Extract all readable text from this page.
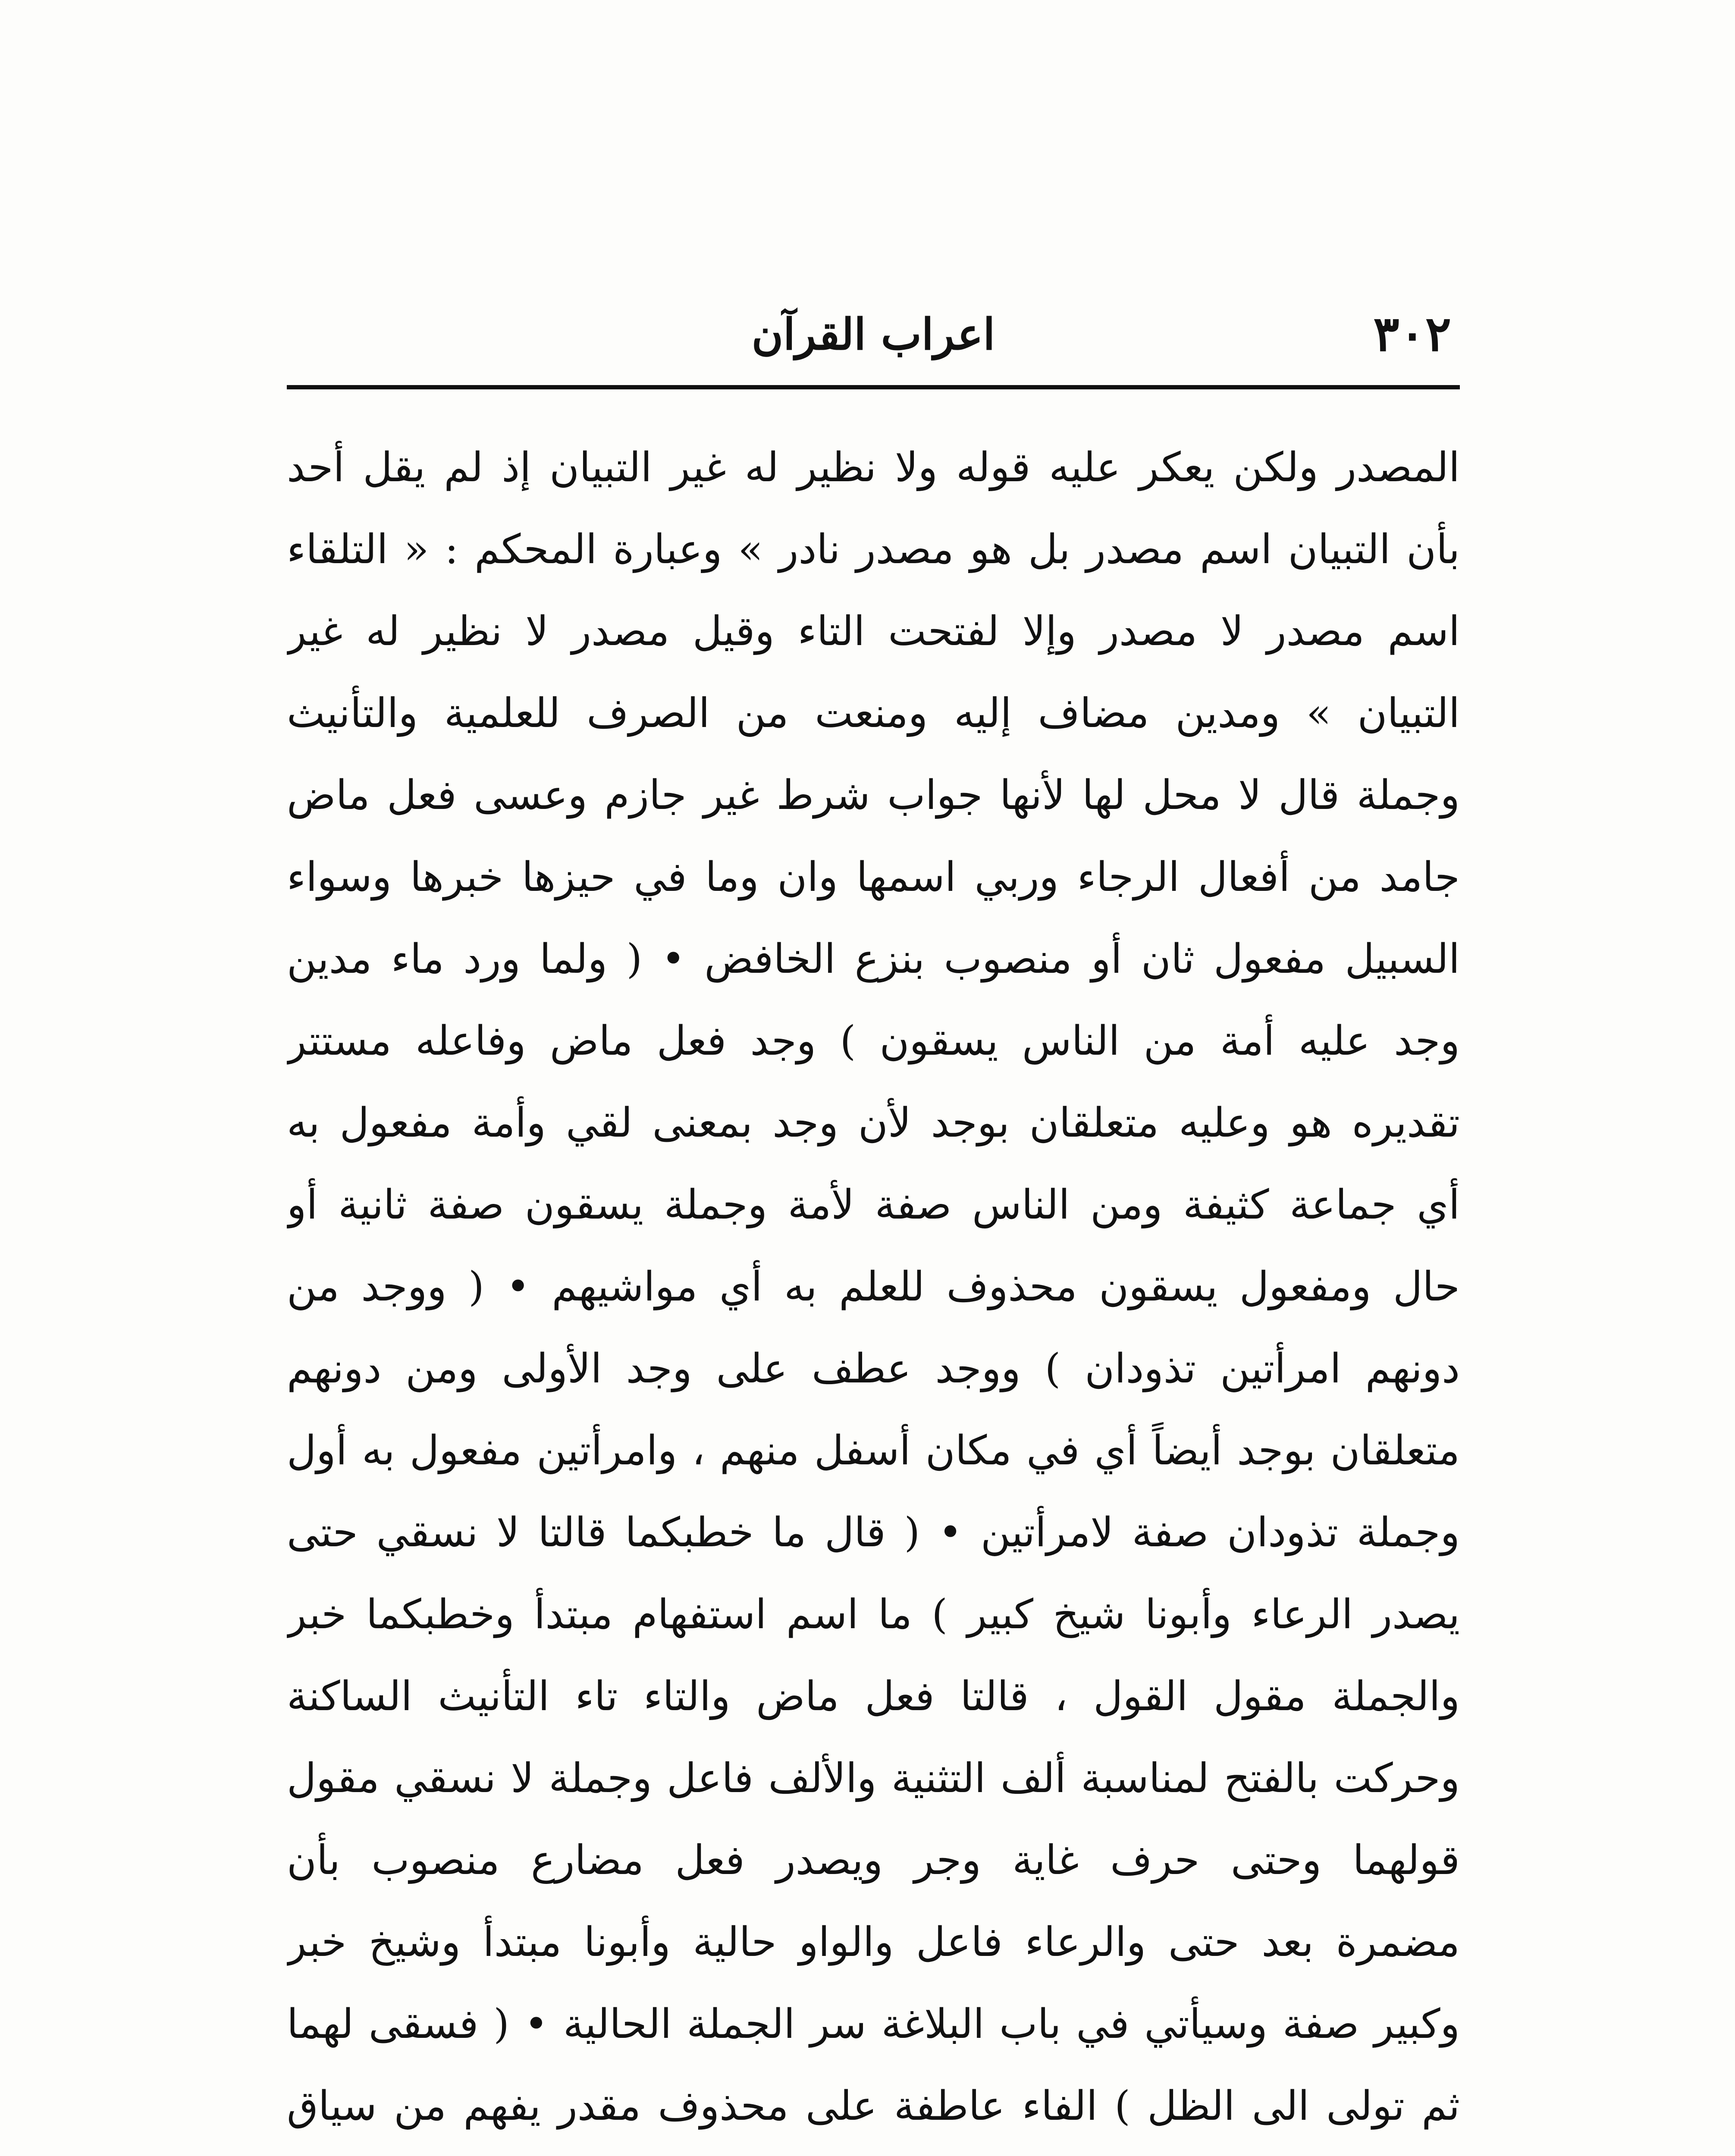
٣٠٢
اعراب القرآن
المصدر ولكن يعكر عليه قوله ولا نظير له غير التبيان إذ لم يقل أحد
بأن التبيان اسم مصدر بل هو مصدر نادر » وعبارة المحكم : « التلقاء
اسم مصدر لا مصدر وإلا لفتحت التاء وقيل مصدر لا نظير له غير
التبيان » ومدين مضاف إليه ومنعت من الصرف للعلمية والتأنيث
وجملة قال لا محل لها لأنها جواب شرط غير جازم وعسى فعل ماض
جامد من أفعال الرجاء وربي اسمها وان وما في حيزها خبرها وسواء
السبيل مفعول ثان أو منصوب بنزع الخافض • ( ولما ورد ماء مدين
وجد عليه أمة من الناس يسقون ) وجد فعل ماض وفاعله مستتر
تقديره هو وعليه متعلقان بوجد لأن وجد بمعنى لقي وأمة مفعول به
أي جماعة كثيفة ومن الناس صفة لأمة وجملة يسقون صفة ثانية أو
حال ومفعول يسقون محذوف للعلم به أي مواشيهم • ( ووجد من
دونهم امرأتين تذودان ) ووجد عطف على وجد الأولى ومن دونهم
متعلقان بوجد أيضاً أي في مكان أسفل منهم ، وامرأتين مفعول به أول
وجملة تذودان صفة لامرأتين • ( قال ما خطبكما قالتا لا نسقي حتى
يصدر الرعاء وأبونا شيخ كبير ) ما اسم استفهام مبتدأ وخطبكما خبر
والجملة مقول القول ، قالتا فعل ماض والتاء تاء التأنيث الساكنة
وحركت بالفتح لمناسبة ألف التثنية والألف فاعل وجملة لا نسقي مقول
قولهما وحتى حرف غاية وجر ويصدر فعل مضارع منصوب بأن
مضمرة بعد حتى والرعاء فاعل والواو حالية وأبونا مبتدأ وشيخ خبر
وكبير صفة وسيأتي في باب البلاغة سر الجملة الحالية • ( فسقى لهما
ثم تولى الى الظل ) الفاء عاطفة على محذوف مقدر يفهم من سياق
